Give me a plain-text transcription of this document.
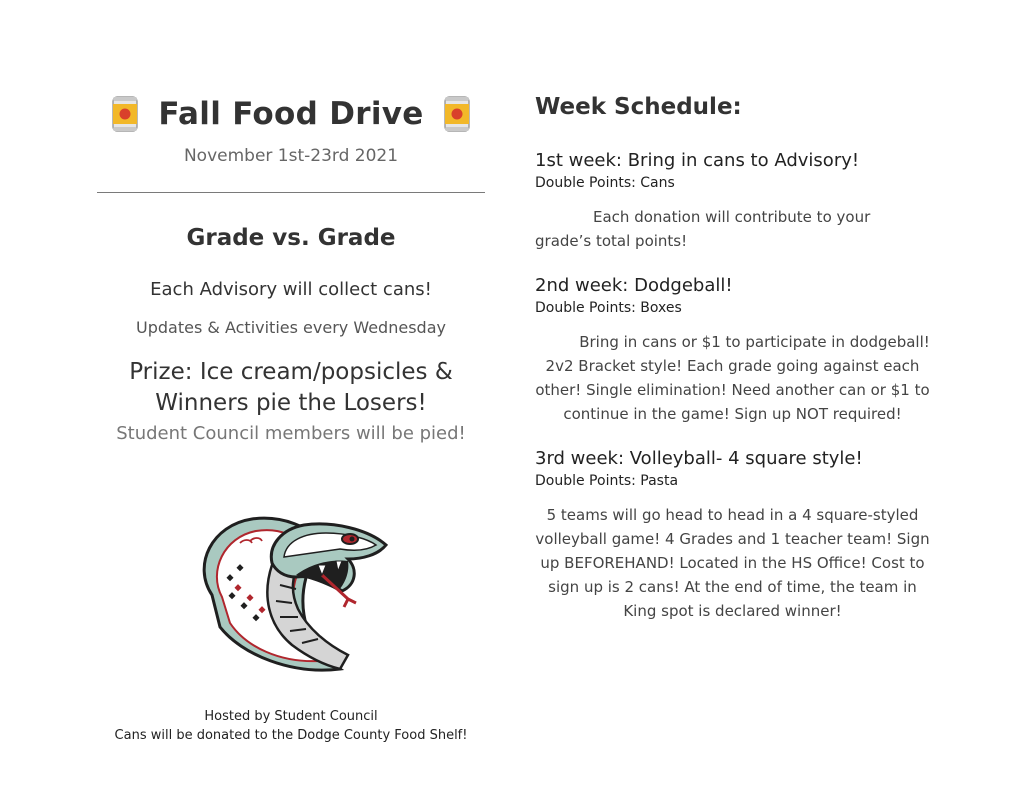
Fall Food Drive
November 1st-23rd 2021
Grade vs. Grade
Each Advisory will collect cans!
Updates & Activities every Wednesday
Prize: Ice cream/popsicles &
Winners pie the Losers!
Student Council members will be pied!
Hosted by Student Council
Cans will be donated to the Dodge County Food Shelf!
Week Schedule:
1st week: Bring in cans to Advisory!
Double Points: Cans
Each donation will contribute to your grade’s total points!
2nd week: Dodgeball!
Double Points: Boxes
Bring in cans or $1 to participate in dodgeball! 2v2 Bracket style! Each grade going against each other! Single elimination! Need another can or $1 to continue in the game! Sign up NOT required!
3rd week: Volleyball- 4 square style!
Double Points: Pasta
5 teams will go head to head in a 4 square-styled volleyball game! 4 Grades and 1 teacher team! Sign up BEFOREHAND! Located in the HS Office! Cost to sign up is 2 cans! At the end of time, the team in King spot is declared winner!
